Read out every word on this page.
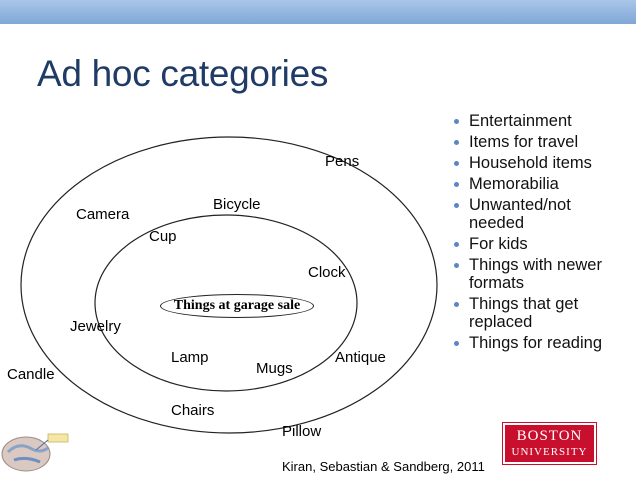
Ad hoc categories
Things at garage sale
Pens
Camera
Bicycle
Cup
Clock
Jewelry
Lamp
Mugs
Antique
Candle
Chairs
Pillow
Entertainment
Items for travel
Household items
Memorabilia
Unwanted/not needed
For kids
Things with newer formats
Things that get replaced
Things for reading
BOSTON
UNIVERSITY
Kiran, Sebastian & Sandberg, 2011
